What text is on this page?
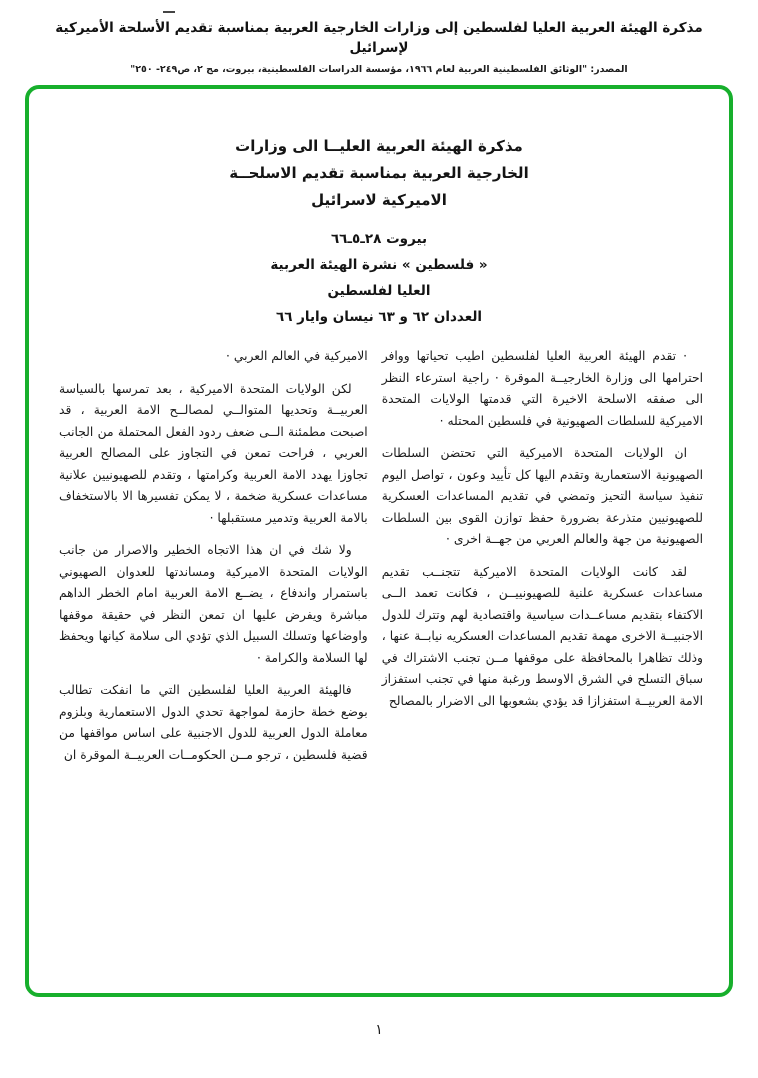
مذكرة الهيئة العربية العليا لفلسطين إلى وزارات الخارجية العربية بمناسبة تقديم الأسلحة الأميركية لإسرائيل
المصدر: "الوثائق الفلسطينية العربية لعام ١٩٦٦، مؤسسة الدراسات الفلسطينية، بيروت، مج ٢، ص٢٤٩- ٢٥٠"
مذكرة الهيئة العربية العليــا الى وزارات
الخارجية العربية بمناسبة تقديم الاسلحــة
الاميركية لاسرائيل
بيروت ٢٨ـ٥ـ٦٦
« فلسطين » نشرة الهيئة العربية
العليا لفلسطين
العددان ٦٢ و ٦٣ نيسان وايار ٦٦

· تقدم الهيئة العربية العليا لفلسطين اطيب تحياتها ووافر احترامها الى وزارة الخارجيــة الموقرة · راجية استرعاء النظر الى صفقه الاسلحة الاخيرة التي قدمتها الولايات المتحدة الاميركية للسلطات الصهيونية في فلسطين المحتله ·

ان الولايات المتحدة الاميركية التي تحتضن السلطات الصهيونية الاستعمارية وتقدم اليها كل تأييد وعون ، تواصل اليوم تنفيذ سياسة التحيز وتمضي في تقديم المساعدات العسكرية للصهيونيين متذرعة بضرورة حفظ توازن القوى بين السلطات الصهيونية من جهة والعالم العربي من جهــة اخرى ·

لقد كانت الولايات المتحدة الاميركية تتجنــب تقديم مساعدات عسكرية علنية للصهيونييــن ، فكانت تعمد الــى الاكتفاء بتقديم مساعــدات سياسية واقتصادية لهم وتترك للدول الاجنبيــة الاخرى مهمة تقديم المساعدات العسكريه نيابــة عنها ، وذلك تظاهرا بالمحافظة على موقفها مــن تجنب الاشتراك في سباق التسلح في الشرق الاوسط ورغبة منها في تجنب استفزاز الامة العربيــة استفزازا قد يؤدي بشعوبها الى الاضرار بالمصالح

الاميركية في العالم العربي ·

لكن الولايات المتحدة الاميركية ، بعد تمرسها بالسياسة العربيــة وتحديها المتوالــي لمصالــح الامة العربية ، قد اصبحت مطمئنة الــى ضعف ردود الفعل المحتملة من الجانب العربي ، فراحت تمعن في التجاوز على المصالح العربية تجاوزا يهدد الامة العربية وكرامتها ، وتقدم للصهيونيين علانية مساعدات عسكرية ضخمة ، لا يمكن تفسيرها الا بالاستخفاف بالامة العربية وتدمير مستقبلها ·

ولا شك في ان هذا الاتجاه الخطير والاصرار من جانب الولايات المتحدة الاميركية ومساندتها للعدوان الصهيوني باستمرار واندفاع ، يضــع الامة العربية امام الخطر الداهم مباشرة ويفرض عليها ان تمعن النظر في حقيقة موقفها واوضاعها وتسلك السبيل الذي تؤدي الى سلامة كيانها ويحفظ لها السلامة والكرامة ·

فالهيئة العربية العليا لفلسطين التي ما انفكت تطالب بوضع خطة حازمة لمواجهة تحدي الدول الاستعمارية وبلزوم معاملة الدول العربية للدول الاجنبية على اساس مواقفها من قضية فلسطين ، ترجو مــن الحكومــات العربيــة الموقرة ان

١
